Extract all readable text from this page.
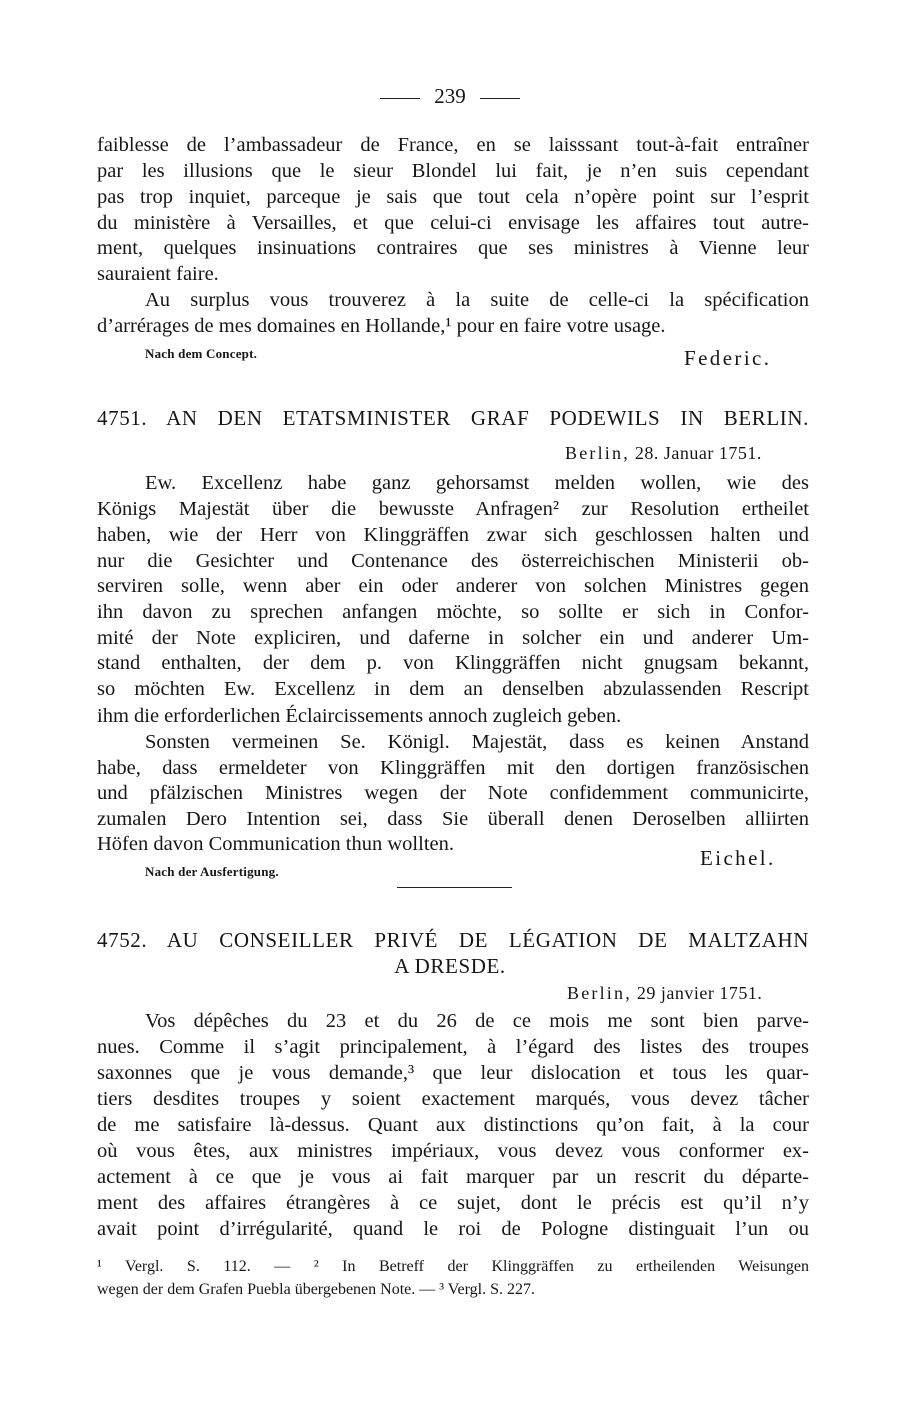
239
faiblesse de l’ambassadeur de France, en se laisssant tout-à-fait entraîner
par les illusions que le sieur Blondel lui fait, je n’en suis cependant
pas trop inquiet, parceque je sais que tout cela n’opère point sur l’esprit
du ministère à Versailles, et que celui-ci envisage les affaires tout autre-
ment, quelques insinuations contraires que ses ministres à Vienne leur
sauraient faire.
Au surplus vous trouverez à la suite de celle-ci la spécification
d’arrérages de mes domaines en Hollande,¹ pour en faire votre usage.
Nach dem Concept.	Federic.
4751. AN DEN ETATSMINISTER GRAF PODEWILS IN BERLIN.
Berlin, 28. Januar 1751.
Ew. Excellenz habe ganz gehorsamst melden wollen, wie des
Königs Majestät über die bewusste Anfragen² zur Resolution ertheilet
haben, wie der Herr von Klinggräffen zwar sich geschlossen halten und
nur die Gesichter und Contenance des österreichischen Ministerii ob-
serviren solle, wenn aber ein oder anderer von solchen Ministres gegen
ihn davon zu sprechen anfangen möchte, so sollte er sich in Confor-
mité der Note expliciren, und daferne in solcher ein und anderer Um-
stand enthalten, der dem p. von Klinggräffen nicht gnugsam bekannt,
so möchten Ew. Excellenz in dem an denselben abzulassenden Rescript
ihm die erforderlichen Éclaircissements annoch zugleich geben.
Sonsten vermeinen Se. Königl. Majestät, dass es keinen Anstand
habe, dass ermeldeter von Klinggräffen mit den dortigen französischen
und pfälzischen Ministres wegen der Note confidemment communicirte,
zumalen Dero Intention sei, dass Sie überall denen Deroselben alliirten
Höfen davon Communication thun wollten.
Eichel.
Nach der Ausfertigung.
4752. AU CONSEILLER PRIVÉ DE LÉGATION DE MALTZAHN
A DRESDE.
Berlin, 29 janvier 1751.
Vos dépêches du 23 et du 26 de ce mois me sont bien parve-
nues. Comme il s’agit principalement, à l’égard des listes des troupes
saxonnes que je vous demande,³ que leur dislocation et tous les quar-
tiers desdites troupes y soient exactement marqués, vous devez tâcher
de me satisfaire là-dessus. Quant aux distinctions qu’on fait, à la cour
où vous êtes, aux ministres impériaux, vous devez vous conformer ex-
actement à ce que je vous ai fait marquer par un rescrit du départe-
ment des affaires étrangères à ce sujet, dont le précis est qu’il n’y
avait point d’irrégularité, quand le roi de Pologne distinguait l’un ou
¹ Vergl. S. 112. — ² In Betreff der Klinggräffen zu ertheilenden Weisungen
wegen der dem Grafen Puebla übergebenen Note. — ³ Vergl. S. 227.
